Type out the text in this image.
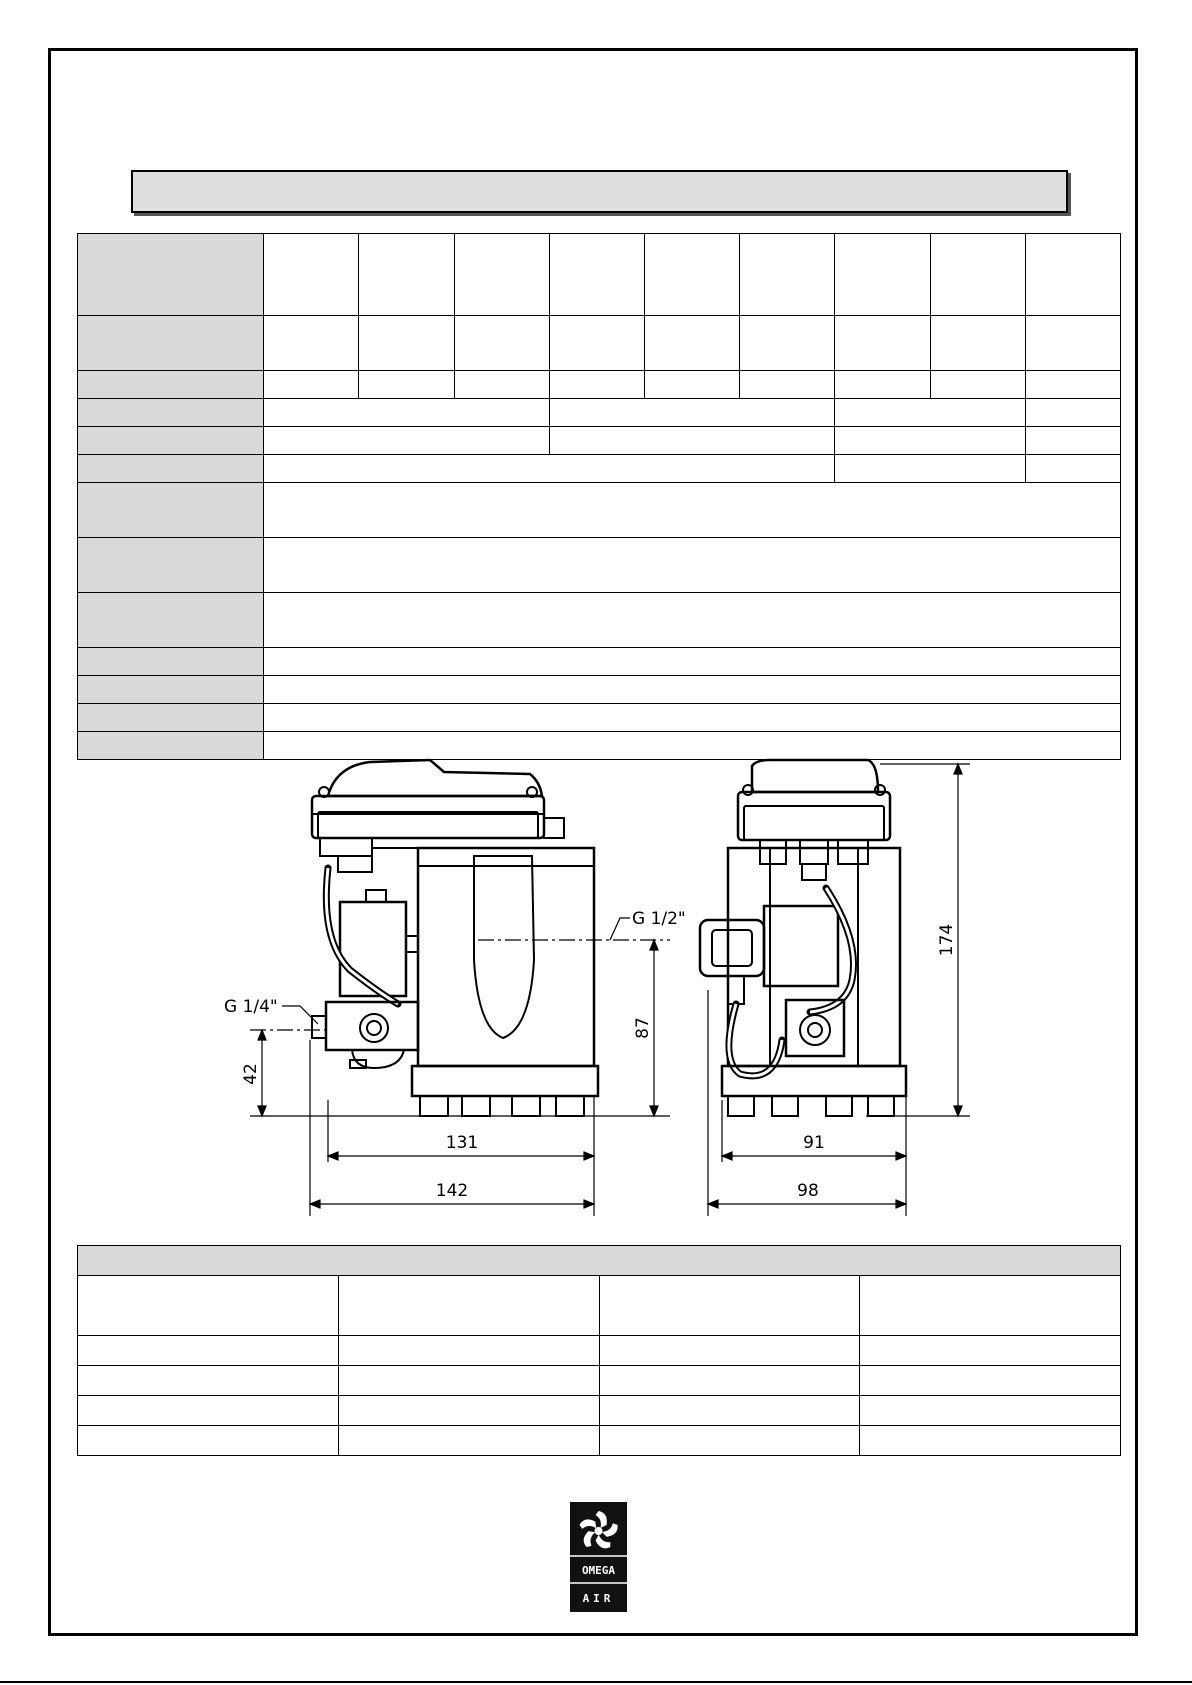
G 1/2"
G 1/4"
42
87
174
131
142
91
98

OMEGA
AIR
